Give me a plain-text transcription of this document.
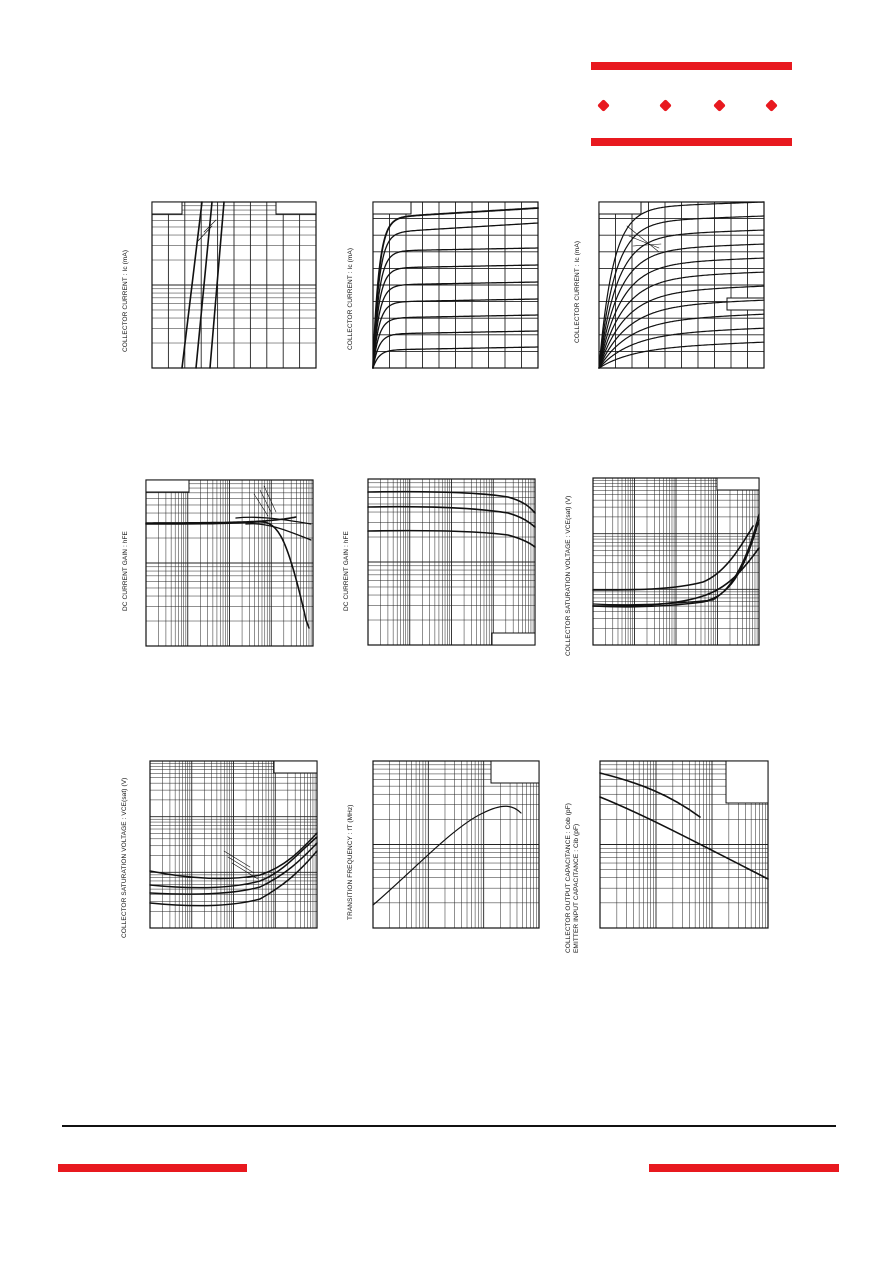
COLLECTOR CURRENT : Ic (mA)	COLLECTOR CURRENT : Ic (mA)	COLLECTOR CURRENT : Ic (mA)
DC CURRENT GAIN : hFE	DC CURRENT GAIN : hFE	COLLECTOR SATURATION VOLTAGE : VCE(sat) (V)
COLLECTOR SATURATION VOLTAGE : VCE(sat) (V)	TRANSITION FREQUENCY : fT (MHz)	COLLECTOR OUTPUT CAPACITANCE : Cob (pF) EMITTER INPUT CAPACITANCE : Cib (pF)
